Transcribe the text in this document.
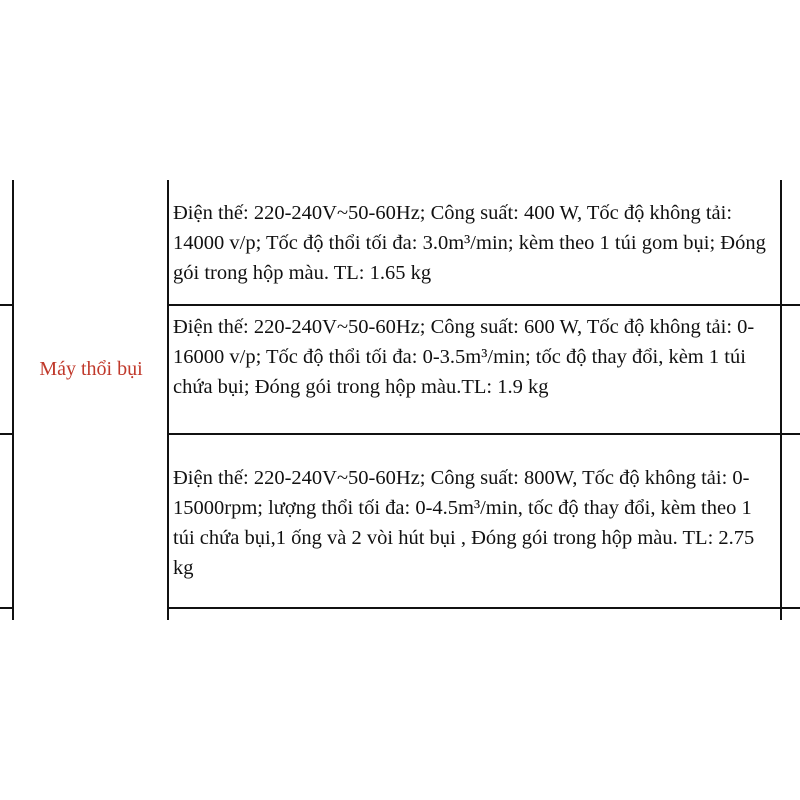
Máy thổi bụi
Điện thế: 220-240V~50-60Hz; Công suất: 400 W, Tốc độ không tải: 14000 v/p; Tốc độ thổi tối đa: 3.0m³/min; kèm theo 1 túi gom bụi; Đóng gói trong hộp màu. TL: 1.65 kg
Điện thế: 220-240V~50-60Hz; Công suất: 600 W, Tốc độ không tải: 0-16000 v/p; Tốc độ thổi tối đa: 0-3.5m³/min; tốc độ thay đổi, kèm 1 túi chứa bụi; Đóng gói trong hộp màu.TL: 1.9 kg
Điện thế: 220-240V~50-60Hz; Công suất: 800W, Tốc độ không tải: 0-15000rpm; lượng thổi tối đa: 0-4.5m³/min, tốc độ thay đổi, kèm theo 1 túi chứa bụi,1 ống và 2 vòi hút bụi , Đóng gói trong hộp màu. TL: 2.75 kg
